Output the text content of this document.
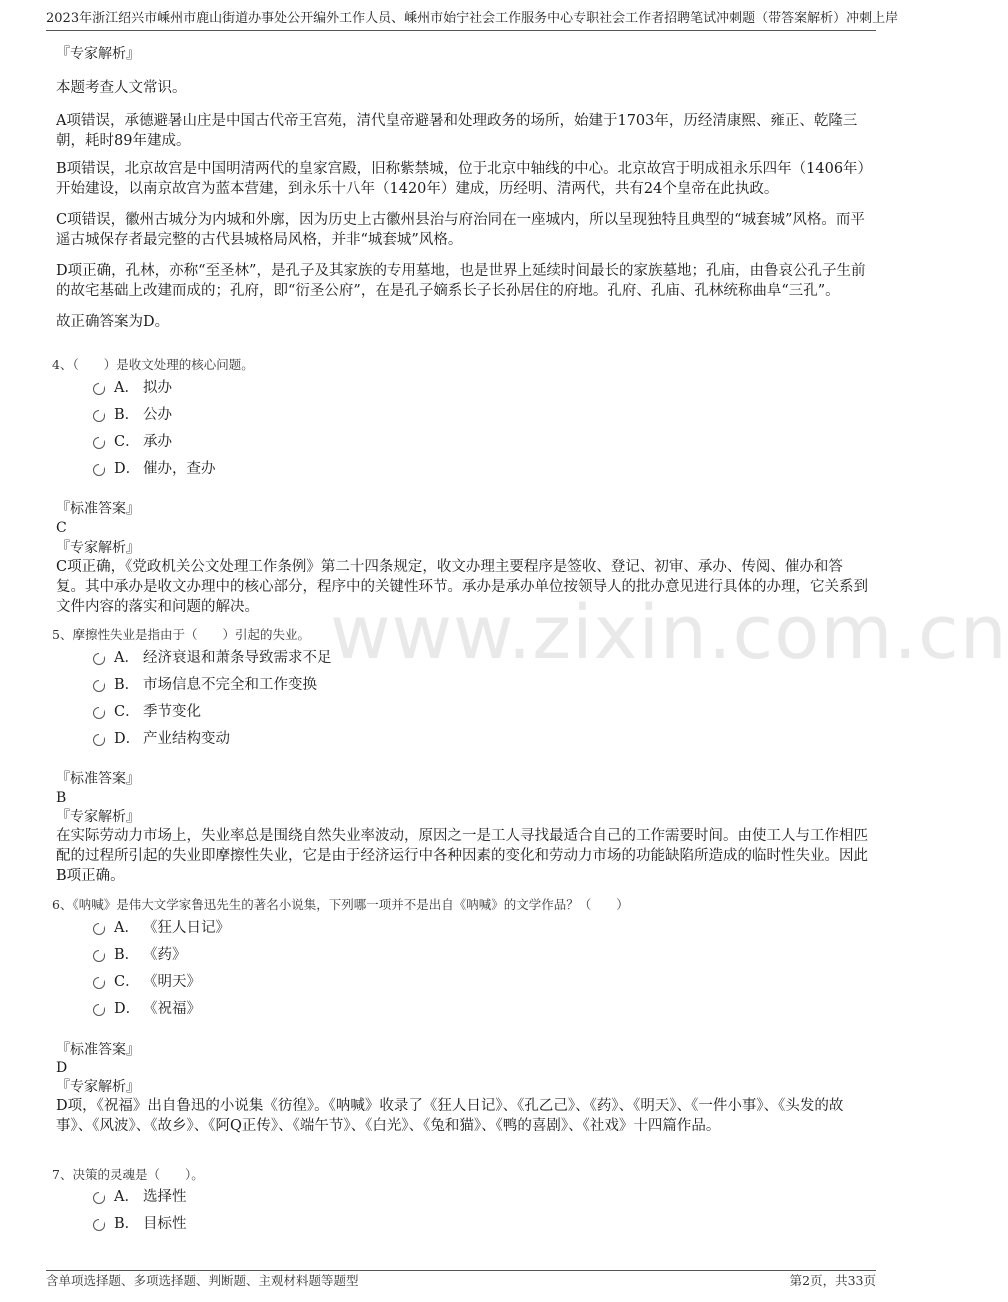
2023年浙江绍兴市嵊州市鹿山街道办事处公开编外工作人员、嵊州市始宁社会工作服务中心专职社会工作者招聘笔试冲刺题（带答案解析）冲刺上岸
www.zixin.com.cn
『专家解析』
本题考查人文常识。
A项错误，承德避暑山庄是中国古代帝王宫苑，清代皇帝避暑和处理政务的场所，始建于1703年，历经清康熙、雍正、乾隆三朝，耗时89年建成。
B项错误，北京故宫是中国明清两代的皇家宫殿，旧称紫禁城，位于北京中轴线的中心。北京故宫于明成祖永乐四年（1406年）开始建设，以南京故宫为蓝本营建，到永乐十八年（1420年）建成，历经明、清两代，共有24个皇帝在此执政。
C项错误，徽州古城分为内城和外廓，因为历史上古徽州县治与府治同在一座城内，所以呈现独特且典型的“城套城”风格。而平遥古城保存者最完整的古代县城格局风格，并非“城套城”风格。
D项正确，孔林，亦称“至圣林”，是孔子及其家族的专用墓地，也是世界上延续时间最长的家族墓地；孔庙，由鲁哀公孔子生前的故宅基础上改建而成的；孔府，即“衍圣公府”，在是孔子嫡系长子长孙居住的府地。孔府、孔庙、孔林统称曲阜“三孔”。
故正确答案为D。
4、（　　）是收文处理的核心问题。
A． 拟办
B． 公办
C． 承办
D． 催办，查办
『标准答案』
C
『专家解析』
C项正确，《党政机关公文处理工作条例》第二十四条规定，收文办理主要程序是签收、登记、初审、承办、传阅、催办和答复。其中承办是收文办理中的核心部分，程序中的关键性环节。承办是承办单位按领导人的批办意见进行具体的办理，它关系到文件内容的落实和问题的解决。
5、摩擦性失业是指由于（　　）引起的失业。
A． 经济衰退和萧条导致需求不足
B． 市场信息不完全和工作变换
C． 季节变化
D． 产业结构变动
『标准答案』
B
『专家解析』
在实际劳动力市场上，失业率总是围绕自然失业率波动，原因之一是工人寻找最适合自己的工作需要时间。由使工人与工作相匹配的过程所引起的失业即摩擦性失业，它是由于经济运行中各种因素的变化和劳动力市场的功能缺陷所造成的临时性失业。因此B项正确。
6、《呐喊》是伟大文学家鲁迅先生的著名小说集，下列哪一项并不是出自《呐喊》的文学作品？（　　）
A． 《狂人日记》
B． 《药》
C． 《明天》
D． 《祝福》
『标准答案』
D
『专家解析』
D项，《祝福》出自鲁迅的小说集《彷徨》。《呐喊》收录了《狂人日记》、《孔乙己》、《药》、《明天》、《一件小事》、《头发的故事》、《风波》、《故乡》、《阿Q正传》、《端午节》、《白光》、《兔和猫》、《鸭的喜剧》、《社戏》十四篇作品。
7、决策的灵魂是（　　）。
A． 选择性
B． 目标性
含单项选择题、多项选择题、判断题、主观材料题等题型	第2页，共33页
